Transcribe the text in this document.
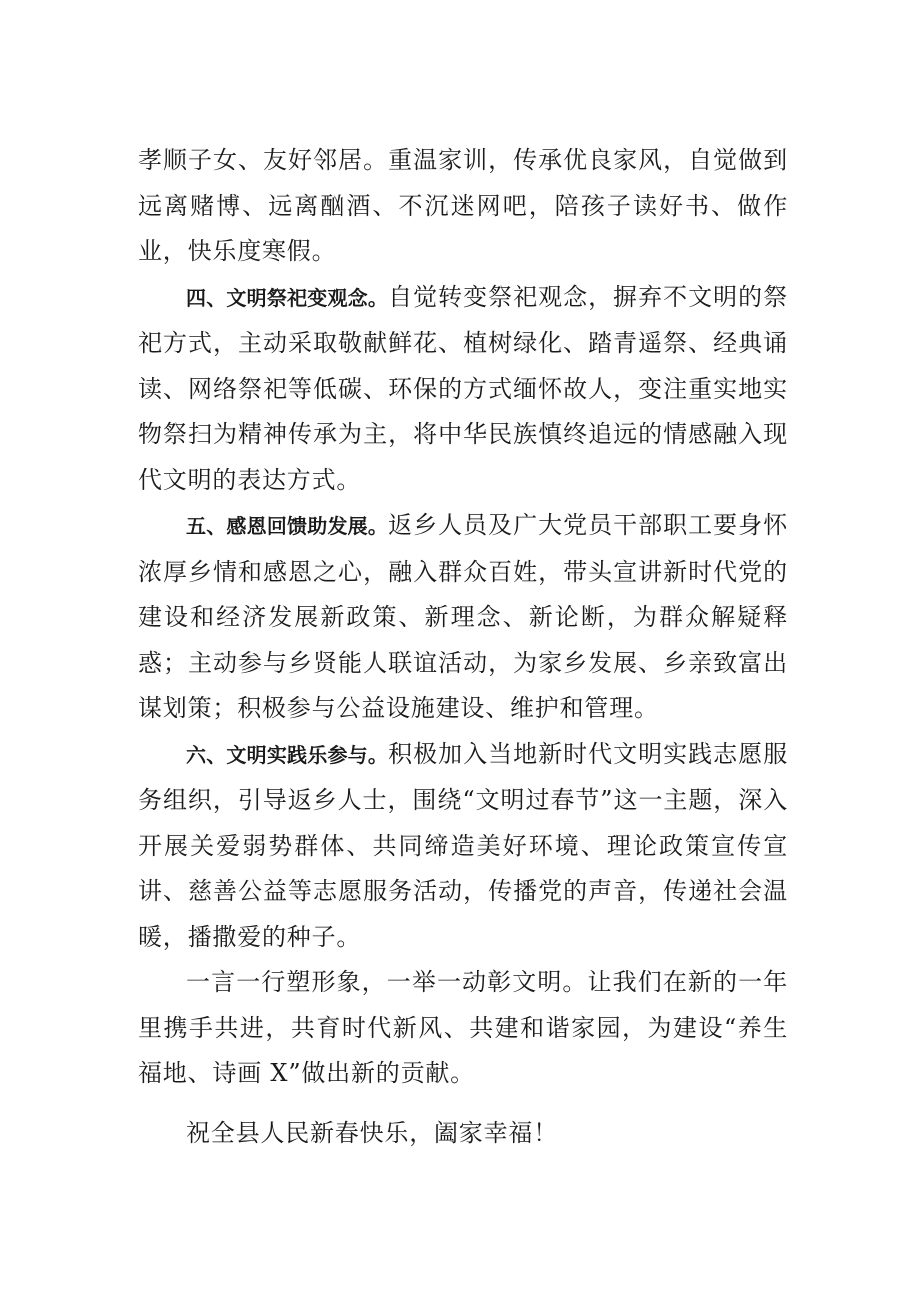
孝顺子女、友好邻居。重温家训，传承优良家风，自觉做到远离赌博、远离酗酒、不沉迷网吧，陪孩子读好书、做作业，快乐度寒假。

四、文明祭祀变观念。自觉转变祭祀观念，摒弃不文明的祭祀方式，主动采取敬献鲜花、植树绿化、踏青遥祭、经典诵读、网络祭祀等低碳、环保的方式缅怀故人，变注重实地实物祭扫为精神传承为主，将中华民族慎终追远的情感融入现代文明的表达方式。

五、感恩回馈助发展。返乡人员及广大党员干部职工要身怀浓厚乡情和感恩之心，融入群众百姓，带头宣讲新时代党的建设和经济发展新政策、新理念、新论断，为群众解疑释惑；主动参与乡贤能人联谊活动，为家乡发展、乡亲致富出谋划策；积极参与公益设施建设、维护和管理。

六、文明实践乐参与。积极加入当地新时代文明实践志愿服务组织，引导返乡人士，围绕“文明过春节”这一主题，深入开展关爱弱势群体、共同缔造美好环境、理论政策宣传宣讲、慈善公益等志愿服务活动，传播党的声音，传递社会温暖，播撒爱的种子。

一言一行塑形象，一举一动彰文明。让我们在新的一年里携手共进，共育时代新风、共建和谐家园，为建设“养生福地、诗画 X”做出新的贡献。

祝全县人民新春快乐，阖家幸福！
